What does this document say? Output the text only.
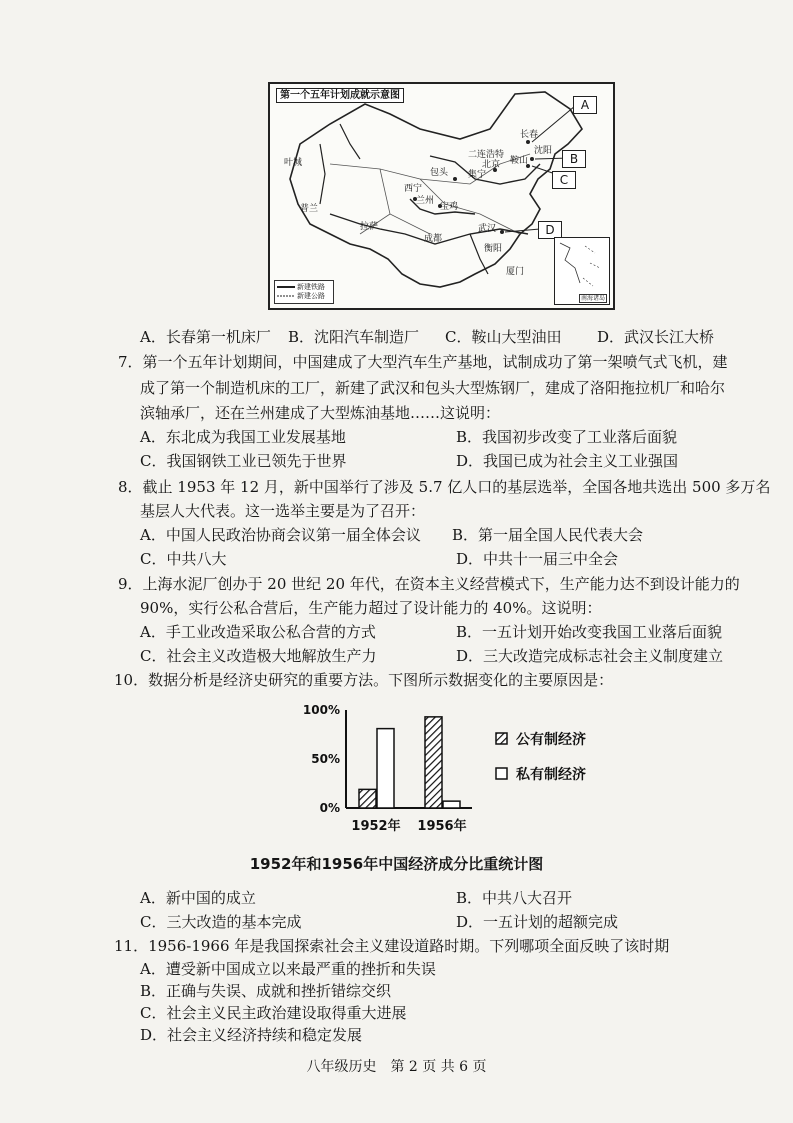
第一个五年计划成就示意图
A
B
C
D
长春
沈阳
鞍山
北京
二连浩特
集宁
包头
西宁
兰州
宝鸡
成都
武汉
衡阳
厦门
拉萨
普兰
叶城
新建铁路
新建公路	南海诸岛
A．长春第一机床厂 B．沈阳汽车制造厂 C．鞍山大型油田 D．武汉长江大桥
7．第一个五年计划期间，中国建成了大型汽车生产基地，试制成功了第一架喷气式飞机，建
成了第一个制造机床的工厂，新建了武汉和包头大型炼钢厂，建成了洛阳拖拉机厂和哈尔
滨轴承厂，还在兰州建成了大型炼油基地……这说明：
A．东北成为我国工业发展基地	B．我国初步改变了工业落后面貌
C．我国钢铁工业已领先于世界	D．我国已成为社会主义工业强国
8．截止 1953 年 12 月，新中国举行了涉及 5.7 亿人口的基层选举，全国各地共选出 500 多万名
基层人大代表。这一选举主要是为了召开：
A．中国人民政治协商会议第一届全体会议 B．第一届全国人民代表大会
C．中共八大	D．中共十一届三中全会
9．上海水泥厂创办于 20 世纪 20 年代，在资本主义经营模式下，生产能力达不到设计能力的
90%，实行公私合营后，生产能力超过了设计能力的 40%。这说明：
A．手工业改造采取公私合营的方式	B．一五计划开始改变我国工业落后面貌
C．社会主义改造极大地解放生产力	D．三大改造完成标志社会主义制度建立
10．数据分析是经济史研究的重要方法。下图所示数据变化的主要原因是：
100%
50%
0%
1952年 1956年
公有制经济
私有制经济
1952年和1956年中国经济成分比重统计图
A．新中国的成立	B．中共八大召开
C．三大改造的基本完成	D．一五计划的超额完成
11．1956-1966 年是我国探索社会主义建设道路时期。下列哪项全面反映了该时期
A．遭受新中国成立以来最严重的挫折和失误
B．正确与失误、成就和挫折错综交织
C．社会主义民主政治建设取得重大进展
D．社会主义经济持续和稳定发展
八年级历史　第 2 页 共 6 页
